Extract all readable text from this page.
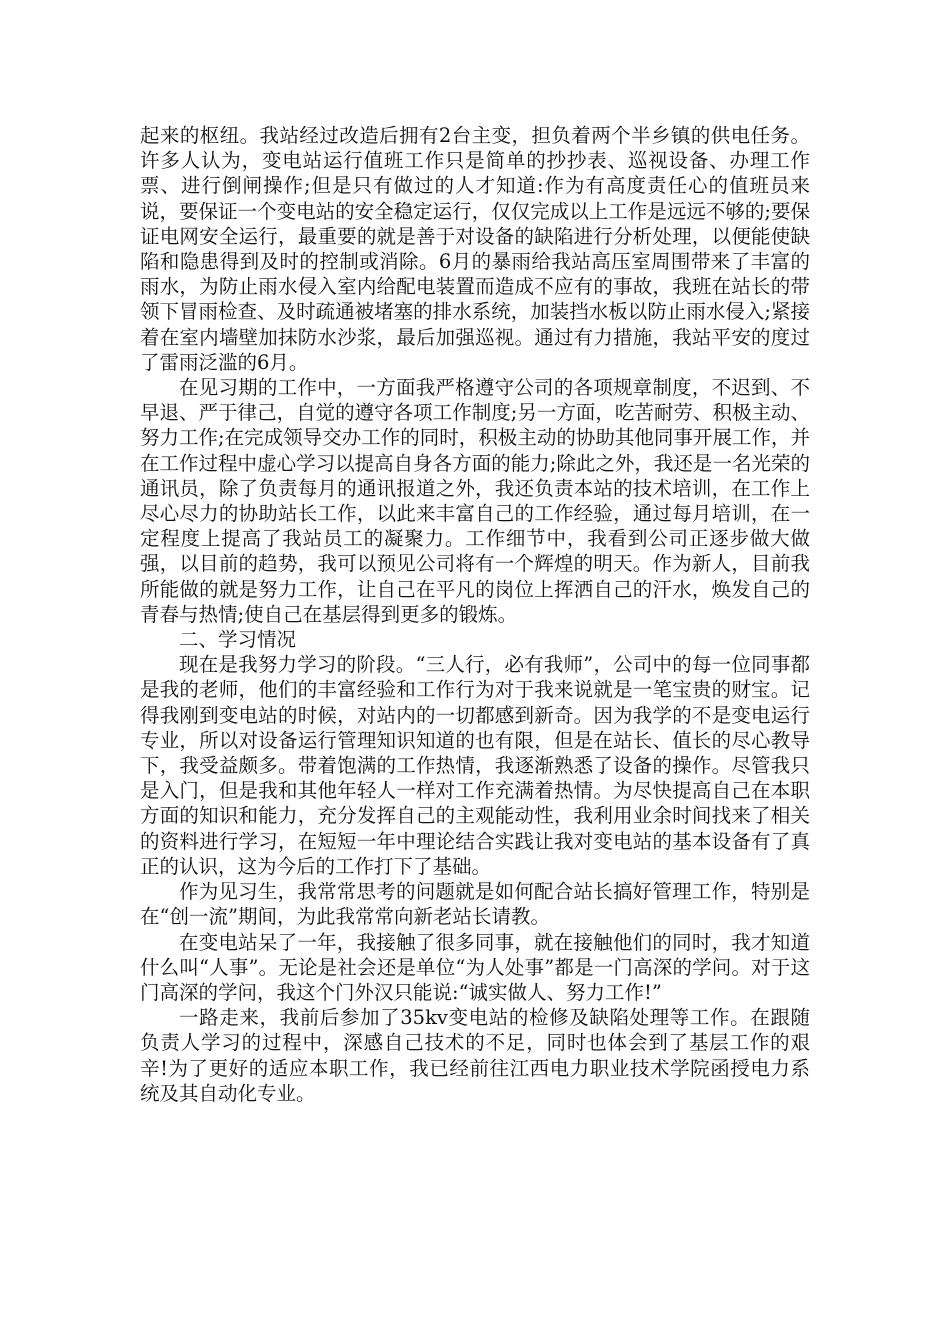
起来的枢纽。我站经过改造后拥有2台主变，担负着两个半乡镇的供电任务。许多人认为，变电站运行值班工作只是简单的抄抄表、巡视设备、办理工作票、进行倒闸操作;但是只有做过的人才知道:作为有高度责任心的值班员来说，要保证一个变电站的安全稳定运行，仅仅完成以上工作是远远不够的;要保证电网安全运行，最重要的就是善于对设备的缺陷进行分析处理，以便能使缺陷和隐患得到及时的控制或消除。6月的暴雨给我站高压室周围带来了丰富的雨水，为防止雨水侵入室内给配电装置而造成不应有的事故，我班在站长的带领下冒雨检查、及时疏通被堵塞的排水系统，加装挡水板以防止雨水侵入;紧接着在室内墙壁加抹防水沙浆，最后加强巡视。通过有力措施，我站平安的度过了雷雨泛滥的6月。

在见习期的工作中，一方面我严格遵守公司的各项规章制度，不迟到、不早退、严于律己，自觉的遵守各项工作制度;另一方面，吃苦耐劳、积极主动、努力工作;在完成领导交办工作的同时，积极主动的协助其他同事开展工作，并在工作过程中虚心学习以提高自身各方面的能力;除此之外，我还是一名光荣的通讯员，除了负责每月的通讯报道之外，我还负责本站的技术培训，在工作上尽心尽力的协助站长工作，以此来丰富自己的工作经验，通过每月培训，在一定程度上提高了我站员工的凝聚力。工作细节中，我看到公司正逐步做大做强，以目前的趋势，我可以预见公司将有一个辉煌的明天。作为新人，目前我所能做的就是努力工作，让自己在平凡的岗位上挥洒自己的汗水，焕发自己的青春与热情;使自己在基层得到更多的锻炼。

二、学习情况

现在是我努力学习的阶段。“三人行，必有我师”，公司中的每一位同事都是我的老师，他们的丰富经验和工作行为对于我来说就是一笔宝贵的财宝。记得我刚到变电站的时候，对站内的一切都感到新奇。因为我学的不是变电运行专业，所以对设备运行管理知识知道的也有限，但是在站长、值长的尽心教导下，我受益颇多。带着饱满的工作热情，我逐渐熟悉了设备的操作。尽管我只是入门，但是我和其他年轻人一样对工作充满着热情。为尽快提高自己在本职方面的知识和能力，充分发挥自己的主观能动性，我利用业余时间找来了相关的资料进行学习，在短短一年中理论结合实践让我对变电站的基本设备有了真正的认识，这为今后的工作打下了基础。

作为见习生，我常常思考的问题就是如何配合站长搞好管理工作，特别是在“创一流”期间，为此我常常向新老站长请教。

在变电站呆了一年，我接触了很多同事，就在接触他们的同时，我才知道什么叫“人事”。无论是社会还是单位“为人处事”都是一门高深的学问。对于这门高深的学问，我这个门外汉只能说:“诚实做人、努力工作!”

一路走来，我前后参加了35kv变电站的检修及缺陷处理等工作。在跟随负责人学习的过程中，深感自己技术的不足，同时也体会到了基层工作的艰辛!为了更好的适应本职工作，我已经前往江西电力职业技术学院函授电力系统及其自动化专业。
